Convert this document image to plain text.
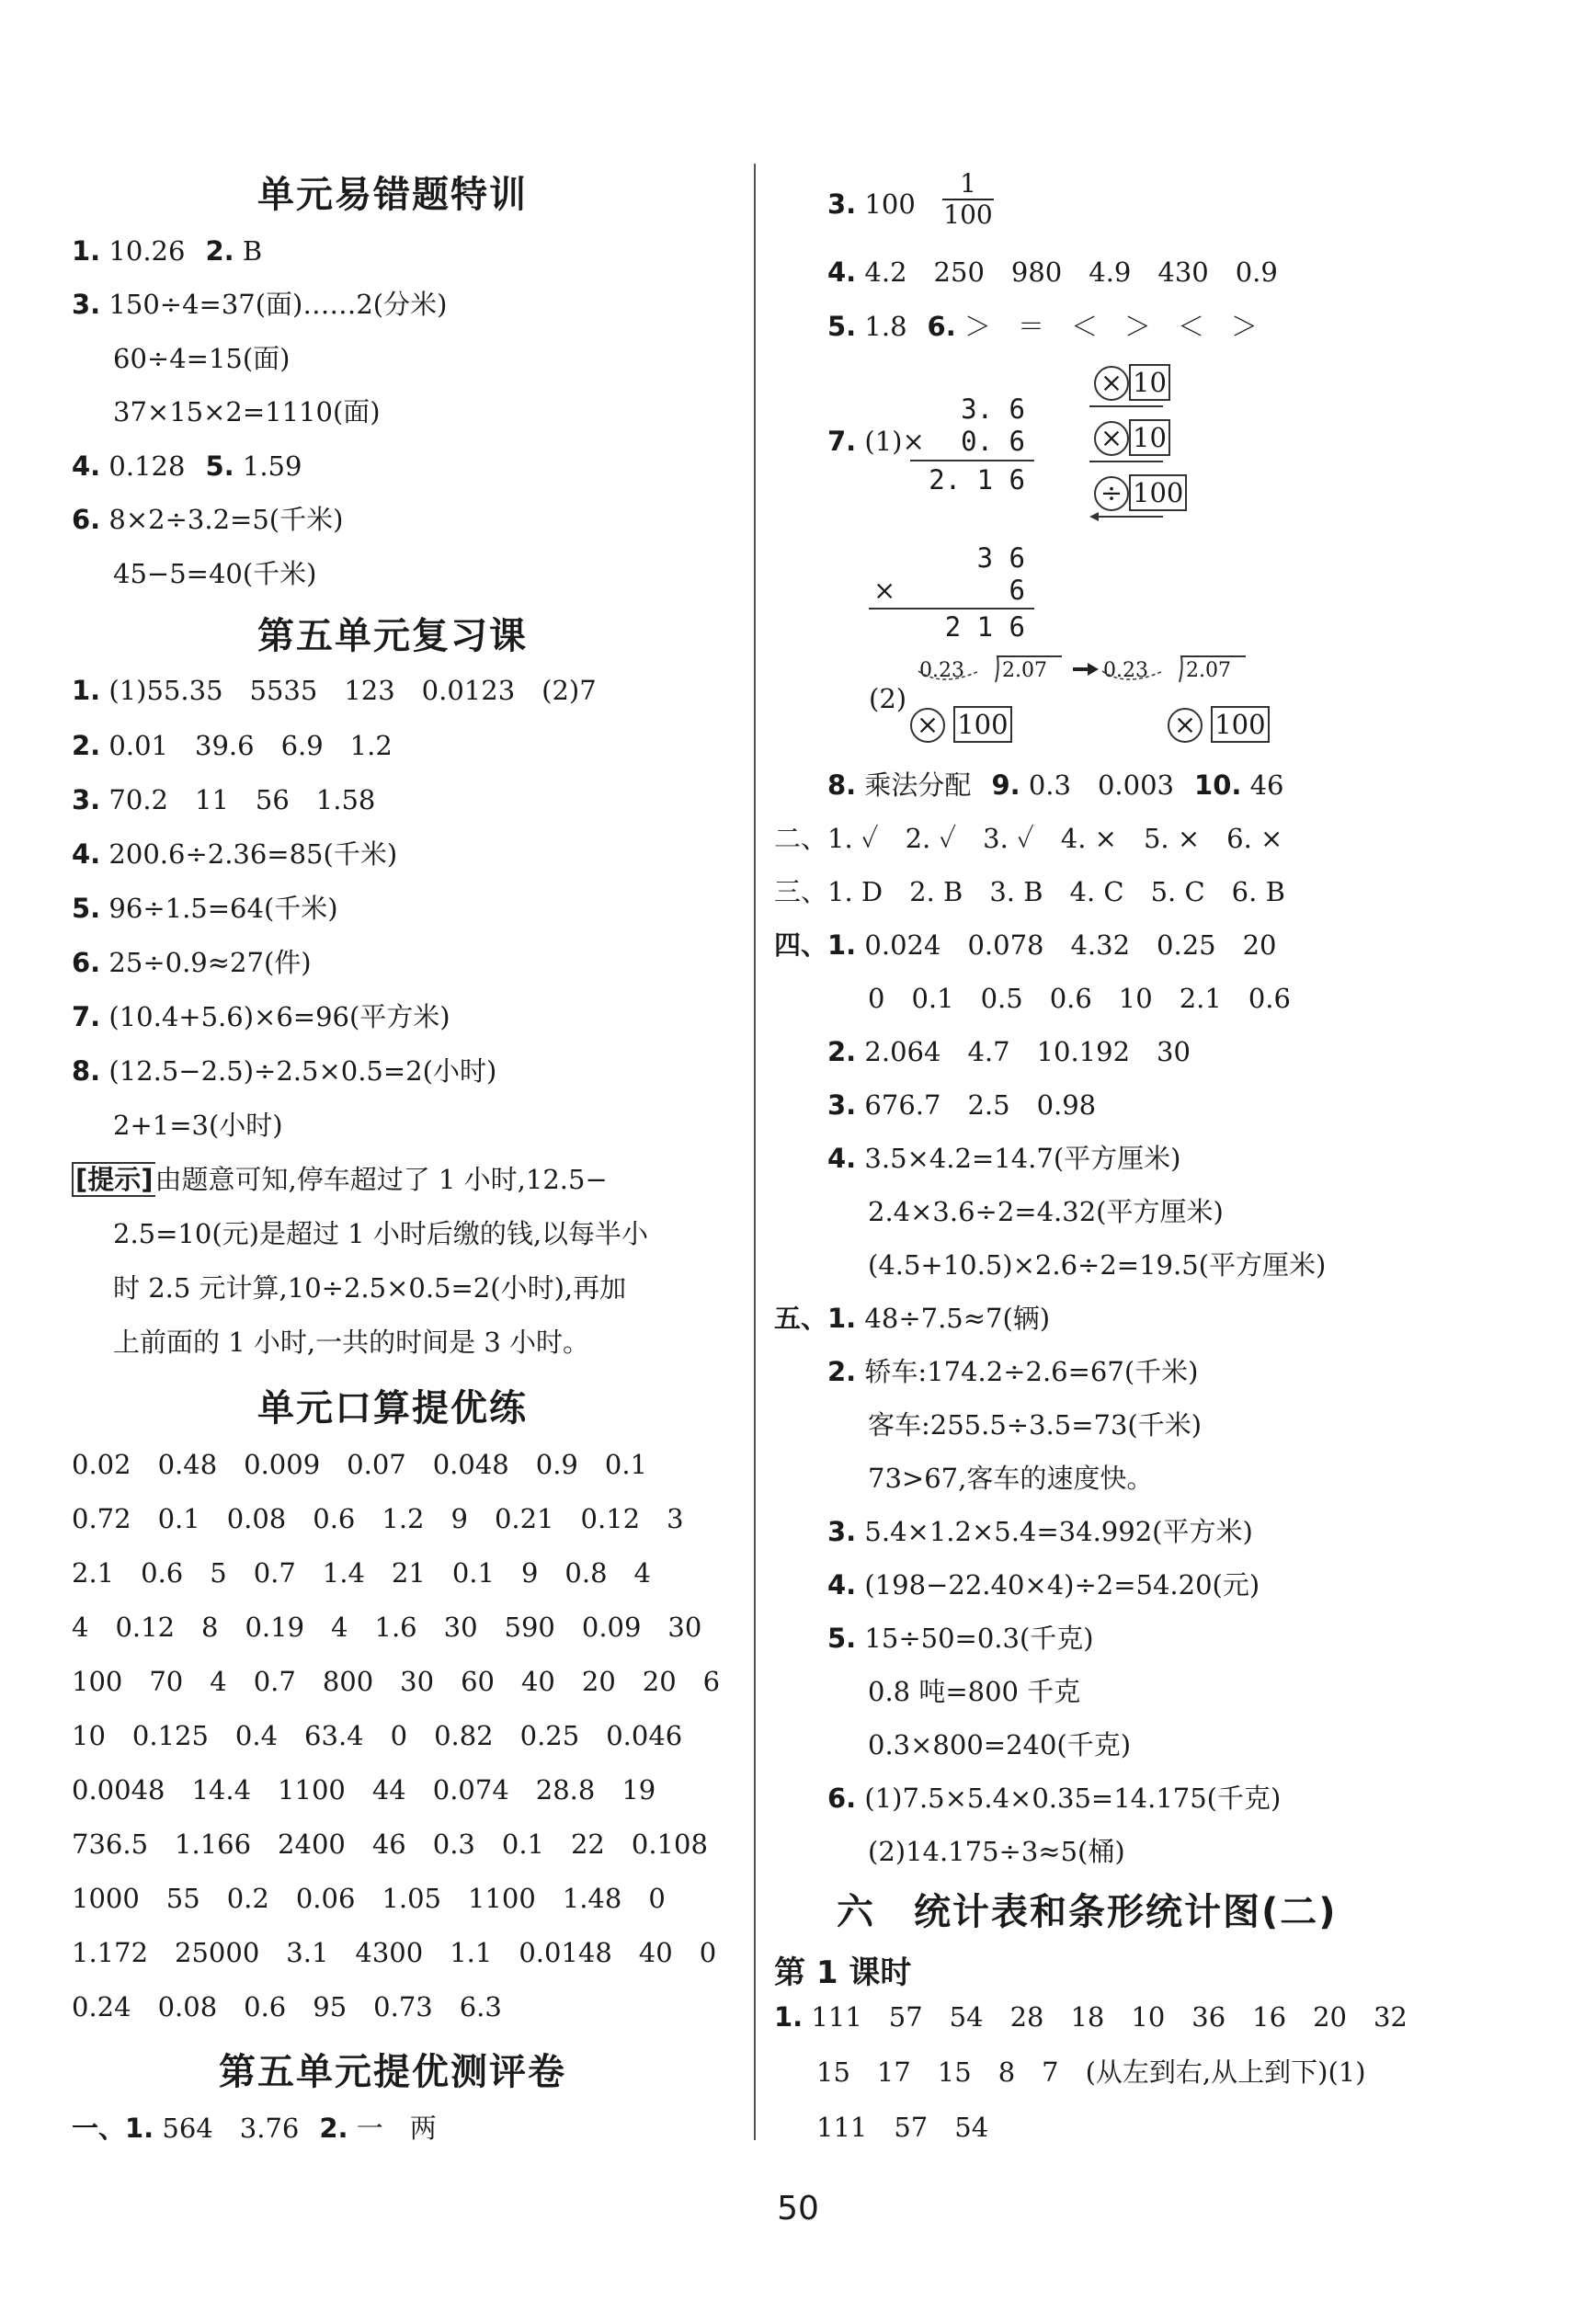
单元易错题特训
1. 10.26 2. B
3. 150÷4=37(面)……2(分米)
60÷4=15(面)
37×15×2=1110(面)
4. 0.128 5. 1.59
6. 8×2÷3.2=5(千米)
45−5=40(千米)
第五单元复习课
1. (1)55.35　5535　123　0.0123　(2)7
2. 0.01　39.6　6.9　1.2
3. 70.2　11　56　1.58
4. 200.6÷2.36=85(千米)
5. 96÷1.5=64(千米)
6. 25÷0.9≈27(件)
7. (10.4+5.6)×6=96(平方米)
8. (12.5−2.5)÷2.5×0.5=2(小时)
2+1=3(小时)
[提示]由题意可知,停车超过了 1 小时,12.5−
2.5=10(元)是超过 1 小时后缴的钱,以每半小
时 2.5 元计算,10÷2.5×0.5=2(小时),再加
上前面的 1 小时,一共的时间是 3 小时。
单元口算提优练
0.02　0.48　0.009　0.07　0.048　0.9　0.1
0.72　0.1　0.08　0.6　1.2　9　0.21　0.12　3
2.1　0.6　5　0.7　1.4　21　0.1　9　0.8　4
4　0.12　8　0.19　4　1.6　30　590　0.09　30
100　70　4　0.7　800　30　60　40　20　20　6
10　0.125　0.4　63.4　0　0.82　0.25　0.046
0.0048　14.4　1100　44　0.074　28.8　19
736.5　1.166　2400　46　0.3　0.1　22　0.108
1000　55　0.2　0.06　1.05　1100　1.48　0
1.172　25000　3.1　4300　1.1　0.0148　40　0
0.24　0.08　0.6　95　0.73　6.3
第五单元提优测评卷
一、1. 564　3.76 2. 一　两
3. $100 \frac{1}{100}$
4. 4.2　250　980　4.9　430　0.9
5. 1.8 6. ＞　＝　＜　＞　＜　＞
7. (1)×
3. 6
0. 6
2. 1 6
× 10
× 10
÷ 100
3 6
×	6
2 1 6
(2)
0.23 2.07	0.23 2.07
× 100	× 100
8. 乘法分配 9. 0.3　0.003 10. 46
二、1. ✓　2. ✓　3. ✓　4. ×　5. ×　6. ×
三、1. D　2. B　3. B　4. C　5. C　6. B
四、1. 0.024　0.078　4.32　0.25　20
0　0.1　0.5　0.6　10　2.1　0.6
2. 2.064　4.7　10.192　30
3. 676.7　2.5　0.98
4. 3.5×4.2=14.7(平方厘米)
2.4×3.6÷2=4.32(平方厘米)
(4.5+10.5)×2.6÷2=19.5(平方厘米)
五、1. 48÷7.5≈7(辆)
2. 轿车:174.2÷2.6=67(千米)
客车:255.5÷3.5=73(千米)
73>67,客车的速度快。
3. 5.4×1.2×5.4=34.992(平方米)
4. (198−22.40×4)÷2=54.20(元)
5. 15÷50=0.3(千克)
0.8 吨=800 千克
0.3×800=240(千克)
6. (1)7.5×5.4×0.35=14.175(千克)
(2)14.175÷3≈5(桶)
六　统计表和条形统计图(二)
第 1 课时
1. 111　57　54　28　18　10　36　16　20　32
15　17　15　8　7　(从左到右,从上到下)(1)
111　57　54
50
